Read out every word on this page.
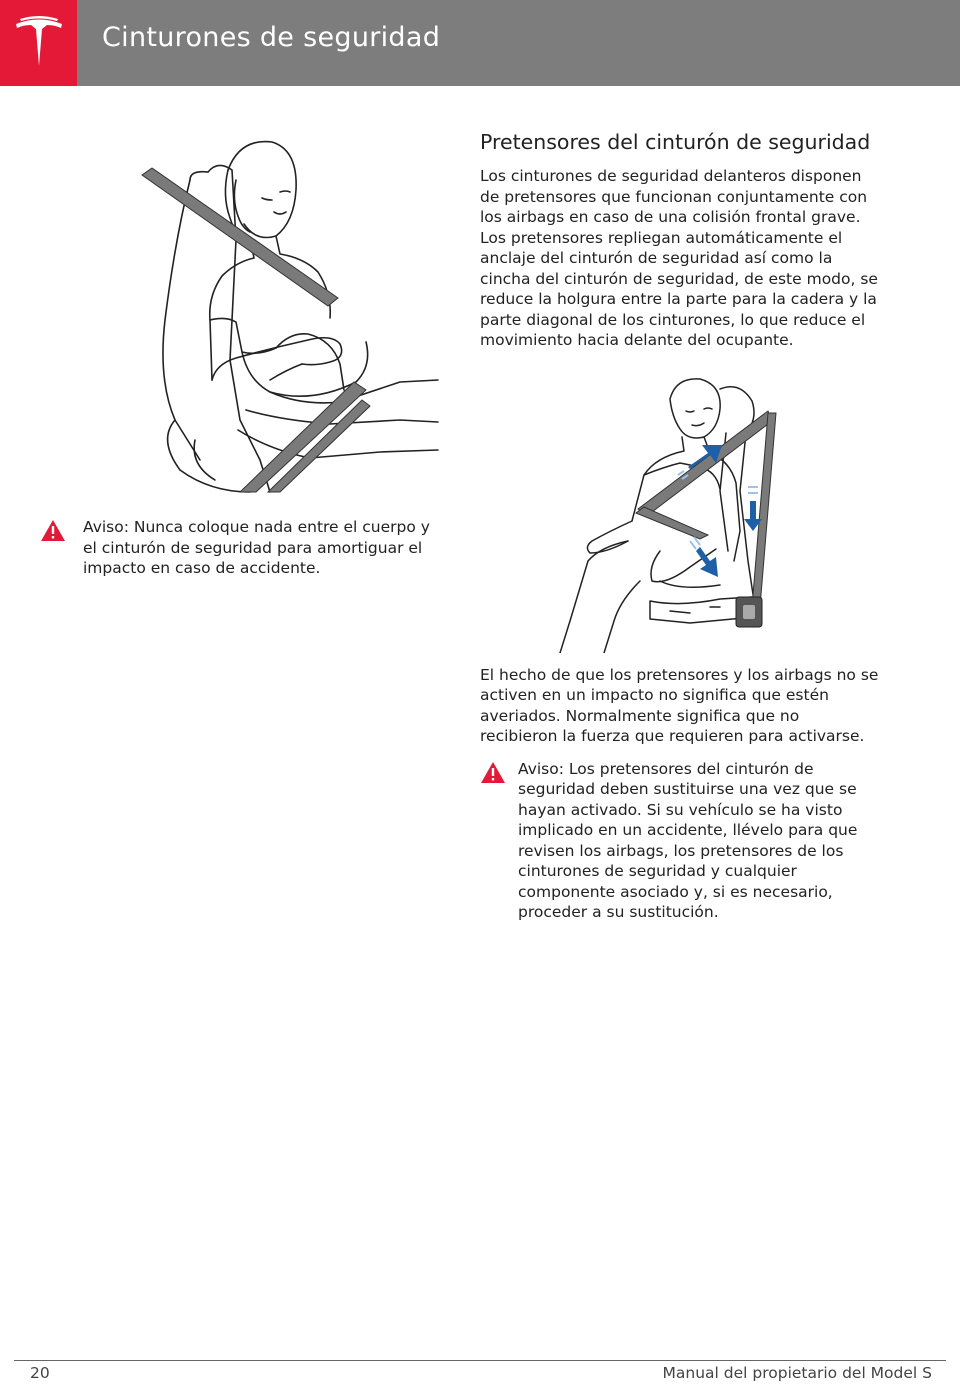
Cinturones de seguridad
Aviso: Nunca coloque nada entre el cuerpo y el cinturón de seguridad para amortiguar el impacto en caso de accidente.
Pretensores del cinturón de seguridad

Los cinturones de seguridad delanteros disponen de pretensores que funcionan conjuntamente con los airbags en caso de una colisión frontal grave. Los pretensores repliegan automáticamente el anclaje del cinturón de seguridad así como la cincha del cinturón de seguridad, de este modo, se reduce la holgura entre la parte para la cadera y la parte diagonal de los cinturones, lo que reduce el movimiento hacia delante del ocupante.

El hecho de que los pretensores y los airbags no se activen en un impacto no significa que estén averiados. Normalmente significa que no recibieron la fuerza que requieren para activarse.

Aviso: Los pretensores del cinturón de seguridad deben sustituirse una vez que se hayan activado. Si su vehículo se ha visto implicado en un accidente, llévelo para que revisen los airbags, los pretensores de los cinturones de seguridad y cualquier componente asociado y, si es necesario, proceder a su sustitución.
20	Manual del propietario del Model S
